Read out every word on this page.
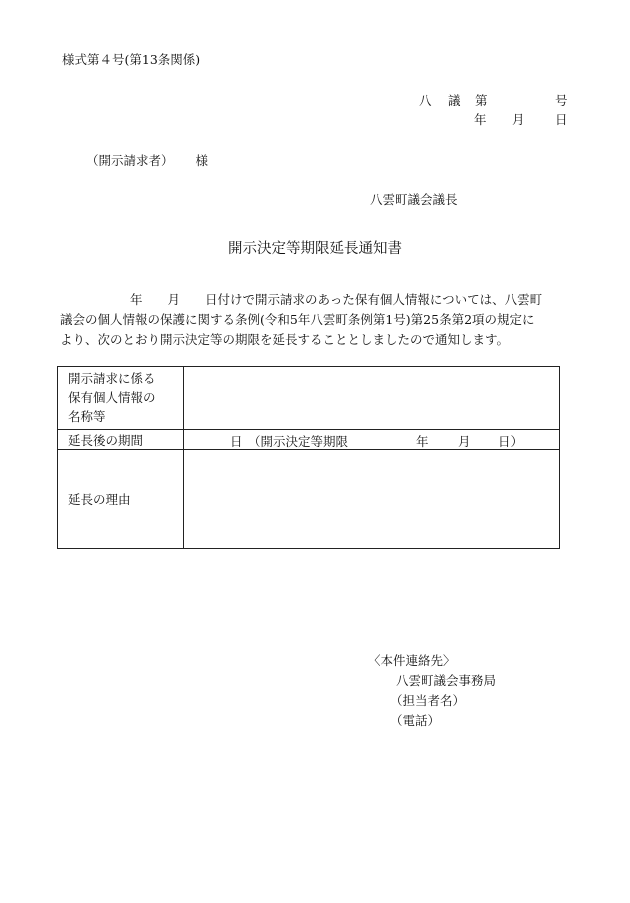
様式第４号(第13条関係)
八 議 第	号
年 月 日
（開示請求者） 様
八雲町議会議長
開示決定等期限延長通知書

年　　月　　日付けで開示請求のあった保有個人情報については、八雲町

議会の個人情報の保護に関する条例(令和5年八雲町条例第1号)第25条第2項の規定に

より、次のとおり開示決定等の期限を延長することとしましたので通知します。

開示請求に係る
保有個人情報の
名称等	

延長後の期間	日 （開示決定等期限 年 月 日）

延長の理由	
〈本件連絡先〉
八雲町議会事務局
（担当者名）
（電話）
